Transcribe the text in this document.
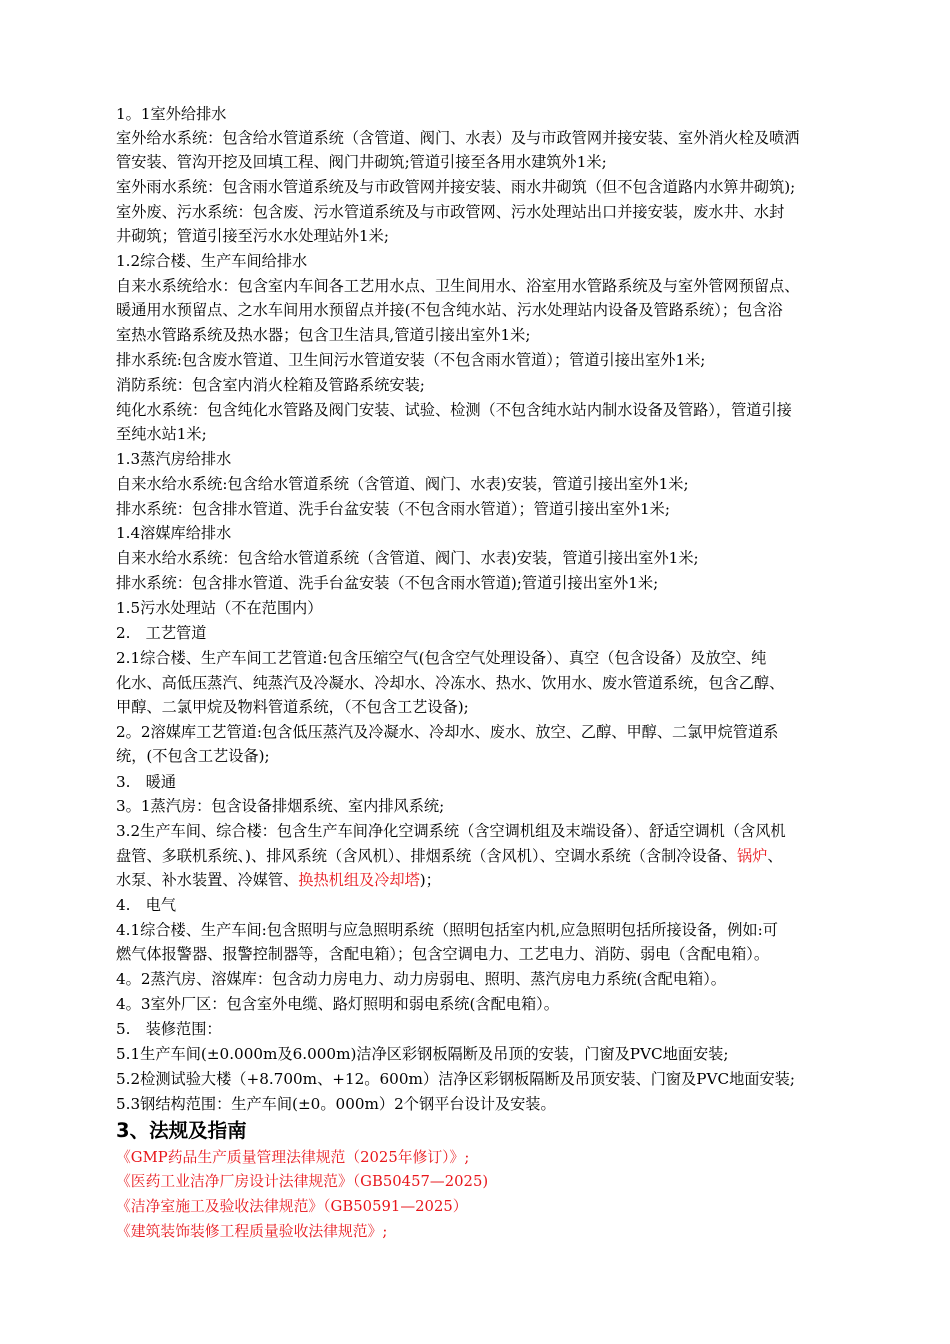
1。1室外给排水
室外给水系统：包含给水管道系统（含管道、阀门、水表）及与市政管网并接安装、室外消火栓及喷洒
管安装、管沟开挖及回填工程、阀门井砌筑;管道引接至各用水建筑外1米;
室外雨水系统：包含雨水管道系统及与市政管网并接安装、雨水井砌筑（但不包含道路内水箅井砌筑);
室外废、污水系统：包含废、污水管道系统及与市政管网、污水处理站出口并接安装，废水井、水封
井砌筑；管道引接至污水水处理站外1米;
1.2综合楼、生产车间给排水
自来水系统给水：包含室内车间各工艺用水点、卫生间用水、浴室用水管路系统及与室外管网预留点、
暖通用水预留点、之水车间用水预留点并接(不包含纯水站、污水处理站内设备及管路系统）；包含浴
室热水管路系统及热水器；包含卫生洁具,管道引接出室外1米;
排水系统:包含废水管道、卫生间污水管道安装（不包含雨水管道）；管道引接出室外1米;
消防系统：包含室内消火栓箱及管路系统安装;
纯化水系统：包含纯化水管路及阀门安装、试验、检测（不包含纯水站内制水设备及管路），管道引接
至纯水站1米;
1.3蒸汽房给排水
自来水给水系统:包含给水管道系统（含管道、阀门、水表)安装，管道引接出室外1米;
排水系统：包含排水管道、洗手台盆安装（不包含雨水管道）；管道引接出室外1米;
1.4溶媒库给排水
自来水给水系统：包含给水管道系统（含管道、阀门、水表)安装，管道引接出室外1米;
排水系统：包含排水管道、洗手台盆安装（不包含雨水管道);管道引接出室外1米;
1.5污水处理站（不在范围内）
2.　工艺管道
2.1综合楼、生产车间工艺管道:包含压缩空气(包含空气处理设备）、真空（包含设备）及放空、纯
化水、高低压蒸汽、纯蒸汽及冷凝水、冷却水、冷冻水、热水、饮用水、废水管道系统，包含乙醇、
甲醇、二氯甲烷及物料管道系统，（不包含工艺设备);
2。2溶媒库工艺管道:包含低压蒸汽及冷凝水、冷却水、废水、放空、乙醇、甲醇、二氯甲烷管道系
统，(不包含工艺设备);
3.　暖通
3。1蒸汽房：包含设备排烟系统、室内排风系统;
3.2生产车间、综合楼：包含生产车间净化空调系统（含空调机组及末端设备）、舒适空调机（含风机
盘管、多联机系统、)、排风系统（含风机）、排烟系统（含风机）、空调水系统（含制冷设备、锅炉、
水泵、补水装置、冷媒管、换热机组及冷却塔)；
4.　电气
4.1综合楼、生产车间:包含照明与应急照明系统（照明包括室内机,应急照明包括所接设备，例如:可
燃气体报警器、报警控制器等，含配电箱）；包含空调电力、工艺电力、消防、弱电（含配电箱）。
4。2蒸汽房、溶媒库：包含动力房电力、动力房弱电、照明、蒸汽房电力系统(含配电箱）。
4。3室外厂区：包含室外电缆、路灯照明和弱电系统(含配电箱）。
5.　装修范围：
5.1生产车间(±0.000m及6.000m)洁净区彩钢板隔断及吊顶的安装，门窗及PVC地面安装;
5.2检测试验大楼（+8.700m、+12。600m）洁净区彩钢板隔断及吊顶安装、门窗及PVC地面安装;
5.3钢结构范围：生产车间(±0。000m）2个钢平台设计及安装。
3、法规及指南
《GMP药品生产质量管理法律规范（2025年修订）》;
《医药工业洁净厂房设计法律规范》（GB50457—2025)
《洁净室施工及验收法律规范》（GB50591—2025）
《建筑装饰装修工程质量验收法律规范》;
